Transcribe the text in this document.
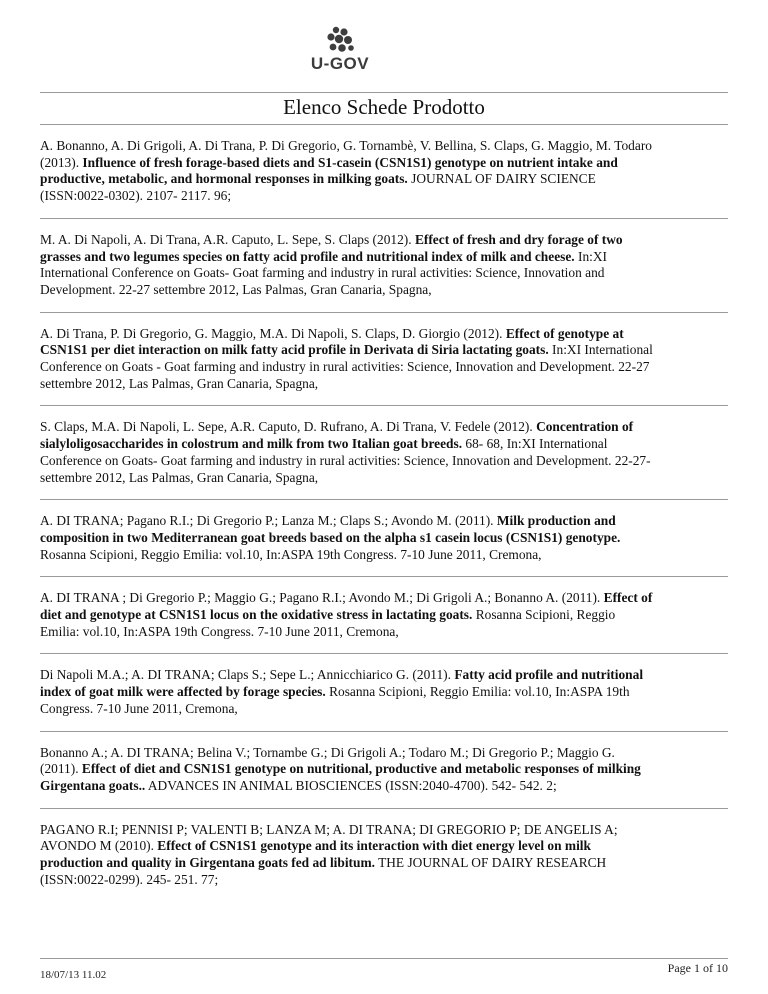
U-GOV
Elenco Schede Prodotto
A. Bonanno, A. Di Grigoli, A. Di Trana, P. Di Gregorio, G. Tornambè, V. Bellina, S. Claps, G. Maggio, M. Todaro (2013). Influence of fresh forage-based diets and S1-casein (CSN1S1) genotype on nutrient intake and productive, metabolic, and hormonal responses in milking goats. JOURNAL OF DAIRY SCIENCE (ISSN:0022-0302). 2107- 2117. 96;
M. A. Di Napoli, A. Di Trana, A.R. Caputo, L. Sepe, S. Claps (2012). Effect of fresh and dry forage of two grasses and two legumes species on fatty acid profile and nutritional index of milk and cheese. In:XI International Conference on Goats- Goat farming and industry in rural activities: Science, Innovation and Development. 22-27 settembre 2012, Las Palmas, Gran Canaria, Spagna,
A. Di Trana, P. Di Gregorio, G. Maggio, M.A. Di Napoli, S. Claps, D. Giorgio (2012). Effect of genotype at CSN1S1 per diet interaction on milk fatty acid profile in Derivata di Siria lactating goats. In:XI International Conference on Goats - Goat farming and industry in rural activities: Science, Innovation and Development. 22-27 settembre 2012, Las Palmas, Gran Canaria, Spagna,
S. Claps, M.A. Di Napoli, L. Sepe, A.R. Caputo, D. Rufrano, A. Di Trana, V. Fedele (2012). Concentration of sialyloligosaccharides in colostrum and milk from two Italian goat breeds. 68- 68, In:XI International Conference on Goats- Goat farming and industry in rural activities: Science, Innovation and Development. 22-27- settembre 2012, Las Palmas, Gran Canaria, Spagna,
A. DI TRANA; Pagano R.I.; Di Gregorio P.; Lanza M.; Claps S.; Avondo M. (2011). Milk production and composition in two Mediterranean goat breeds based on the alpha s1 casein locus (CSN1S1) genotype. Rosanna Scipioni, Reggio Emilia: vol.10, In:ASPA 19th Congress. 7-10 June 2011, Cremona,
A. DI TRANA ; Di Gregorio P.; Maggio G.; Pagano R.I.; Avondo M.; Di Grigoli A.; Bonanno A. (2011). Effect of diet and genotype at CSN1S1 locus on the oxidative stress in lactating goats. Rosanna Scipioni, Reggio Emilia: vol.10, In:ASPA 19th Congress. 7-10 June 2011, Cremona,
Di Napoli M.A.; A. DI TRANA; Claps S.; Sepe L.; Annicchiarico G. (2011). Fatty acid profile and nutritional index of goat milk were affected by forage species. Rosanna Scipioni, Reggio Emilia: vol.10, In:ASPA 19th Congress. 7-10 June 2011, Cremona,
Bonanno A.; A. DI TRANA; Belina V.; Tornambe G.; Di Grigoli A.; Todaro M.; Di Gregorio P.; Maggio G. (2011). Effect of diet and CSN1S1 genotype on nutritional, productive and metabolic responses of milking Girgentana goats.. ADVANCES IN ANIMAL BIOSCIENCES (ISSN:2040-4700). 542- 542. 2;
PAGANO R.I; PENNISI P; VALENTI B; LANZA M; A. DI TRANA; DI GREGORIO P; DE ANGELIS A; AVONDO M (2010). Effect of CSN1S1 genotype and its interaction with diet energy level on milk production and quality in Girgentana goats fed ad libitum. THE JOURNAL OF DAIRY RESEARCH (ISSN:0022-0299). 245- 251. 77;
18/07/13 11.02	Page 1 of 10
